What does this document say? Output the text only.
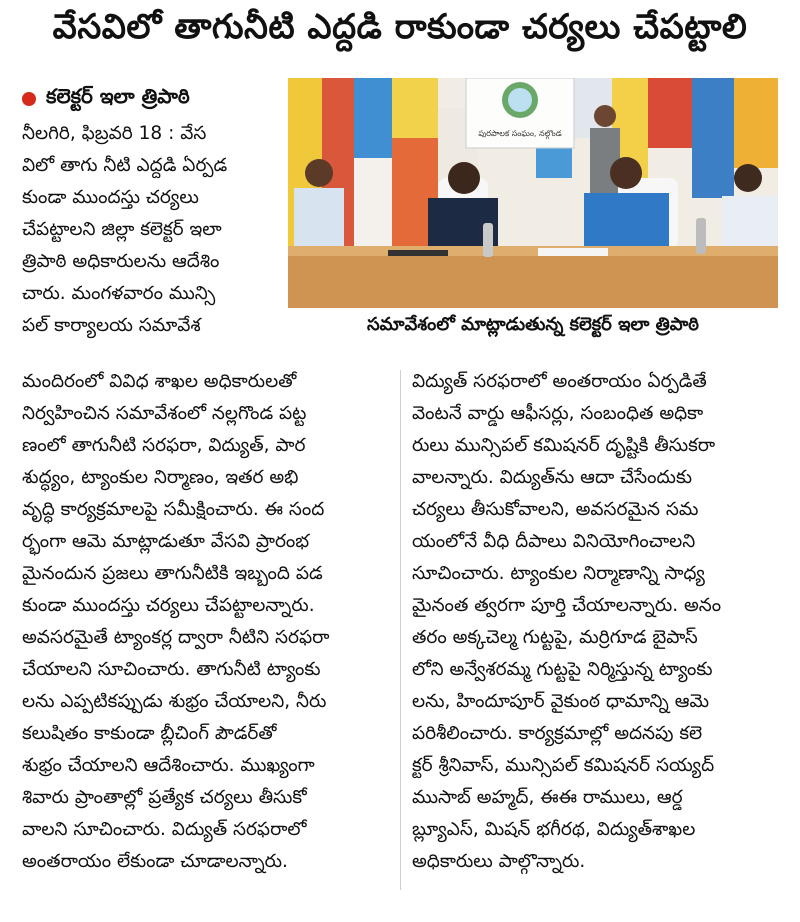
వేసవిలో తాగునీటి ఎద్దడి రాకుండా చర్యలు చేపట్టాలి
కలెక్టర్ ఇలా త్రిపాఠి
పురపాలక సంఘం, నల్గొండ
సమావేశంలో మాట్లాడుతున్న కలెక్టర్ ఇలా త్రిపాఠి
నీలగిరి, ఫిబ్రవరి 18 : వేస
విలో తాగు నీటి ఎద్దడి ఏర్పడ
కుండా ముందస్తు చర్యలు
చేపట్టాలని జిల్లా కలెక్టర్ ఇలా
త్రిపాఠి అధికారులను ఆదేశిం
చారు. మంగళవారం మున్సి
పల్ కార్యాలయ సమావేశ
మందిరంలో వివిధ శాఖల అధికారులతో
నిర్వహించిన సమావేశంలో నల్లగొండ పట్ట
ణంలో తాగునీటి సరఫరా, విద్యుత్, పార
శుద్ధ్యం, ట్యాంకుల నిర్మాణం, ఇతర అభి
వృద్ధి కార్యక్రమాలపై సమీక్షించారు. ఈ సంద
ర్భంగా ఆమె మాట్లాడుతూ వేసవి ప్రారంభ
మైనందున ప్రజలు తాగునీటికి ఇబ్బంది పడ
కుండా ముందస్తు చర్యలు చేపట్టాలన్నారు.
అవసరమైతే ట్యాంకర్ల ద్వారా నీటిని సరఫరా
చేయాలని సూచించారు. తాగునీటి ట్యాంకు
లను ఎప్పటికప్పుడు శుభ్రం చేయాలని, నీరు
కలుషితం కాకుండా బ్లీచింగ్ పౌడర్‌తో
శుభ్రం చేయాలని ఆదేశించారు. ముఖ్యంగా
శివారు ప్రాంతాల్లో ప్రత్యేక చర్యలు తీసుకో
వాలని సూచించారు. విద్యుత్ సరఫరాలో
అంతరాయం లేకుండా చూడాలన్నారు.
విద్యుత్ సరఫరాలో అంతరాయం ఏర్పడితే
వెంటనే వార్డు ఆఫీసర్లు, సంబంధిత అధికా
రులు మున్సిపల్ కమిషనర్ దృష్టికి తీసుకరా
వాలన్నారు. విద్యుత్‌ను ఆదా చేసేందుకు
చర్యలు తీసుకోవాలని, అవసరమైన సమ
యంలోనే వీధి దీపాలు వినియోగించాలని
సూచించారు. ట్యాంకుల నిర్మాణాన్ని సాధ్య
మైనంత త్వరగా పూర్తి చేయాలన్నారు. అనం
తరం అక్కచెల్మ గుట్టపై, మర్రిగూడ బైపాస్
లోని అన్వేశరమ్మ గుట్టపై నిర్మిస్తున్న ట్యాంకు
లను, హిందూపూర్ వైకుంఠ ధామాన్ని ఆమె
పరిశీలించారు. కార్యక్రమాల్లో అదనపు కలె
క్టర్ శ్రీనివాస్, మున్సిపల్ కమిషనర్ సయ్యద్
ముసాబ్ అహ్మద్, ఈఈ రాములు, ఆర్డ
బ్ల్యూఎస్, మిషన్ భగీరథ, విద్యుత్‌శాఖల
అధికారులు పాల్గొన్నారు.
